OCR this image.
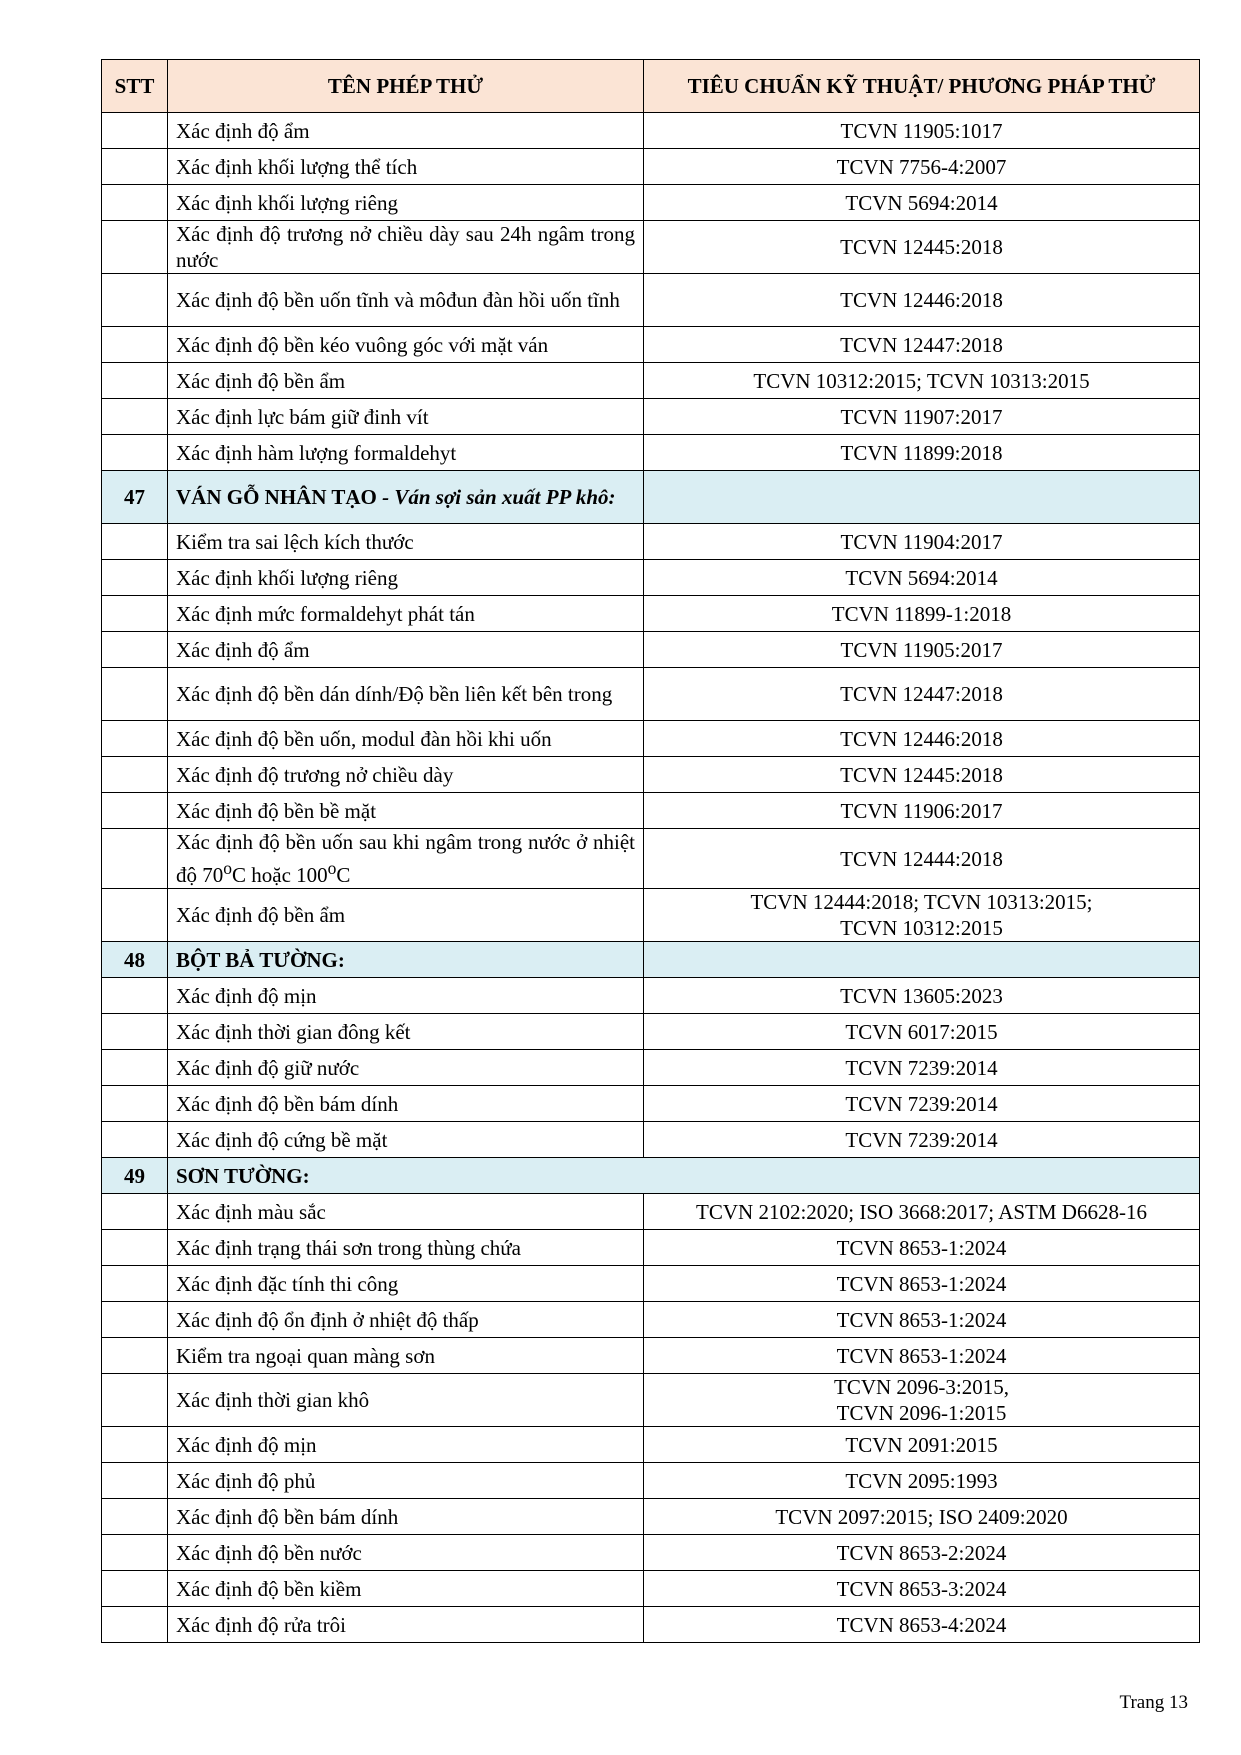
STT	TÊN PHÉP THỬ	TIÊU CHUẨN KỸ THUẬT/ PHƯƠNG PHÁP THỬ
	Xác định độ ẩm	TCVN 11905:1017
	Xác định khối lượng thể tích	TCVN 7756-4:2007
	Xác định khối lượng riêng	TCVN 5694:2014
	Xác định độ trương nở chiều dày sau 24h ngâm trong nước	TCVN 12445:2018
	Xác định độ bền uốn tĩnh và môđun đàn hồi uốn tĩnh	TCVN 12446:2018
	Xác định độ bền kéo vuông góc với mặt ván	TCVN 12447:2018
	Xác định độ bền ẩm	TCVN 10312:2015; TCVN 10313:2015
	Xác định lực bám giữ đinh vít	TCVN 11907:2017
	Xác định hàm lượng formaldehyt	TCVN 11899:2018
47	VÁN GỖ NHÂN TẠO - Ván sợi sản xuất PP khô:	
	Kiểm tra sai lệch kích thước	TCVN 11904:2017
	Xác định khối lượng riêng	TCVN 5694:2014
	Xác định mức formaldehyt phát tán	TCVN 11899-1:2018
	Xác định độ ẩm	TCVN 11905:2017
	Xác định độ bền dán dính/Độ bền liên kết bên trong	TCVN 12447:2018
	Xác định độ bền uốn, modul đàn hồi khi uốn	TCVN 12446:2018
	Xác định độ trương nở chiều dày	TCVN 12445:2018
	Xác định độ bền bề mặt	TCVN 11906:2017
	Xác định độ bền uốn sau khi ngâm trong nước ở nhiệt độ 70$^o$C hoặc 100$^o$C	TCVN 12444:2018
	Xác định độ bền ẩm	TCVN 12444:2018; TCVN 10313:2015;
TCVN 10312:2015
48	BỘT BẢ TƯỜNG:	
	Xác định độ mịn	TCVN 13605:2023
	Xác định thời gian đông kết	TCVN 6017:2015
	Xác định độ giữ nước	TCVN 7239:2014
	Xác định độ bền bám dính	TCVN 7239:2014
	Xác định độ cứng bề mặt	TCVN 7239:2014
49	SƠN TƯỜNG:	
	Xác định màu sắc	TCVN 2102:2020; ISO 3668:2017; ASTM D6628-16
	Xác định trạng thái sơn trong thùng chứa	TCVN 8653-1:2024
	Xác định đặc tính thi công	TCVN 8653-1:2024
	Xác định độ ổn định ở nhiệt độ thấp	TCVN 8653-1:2024
	Kiểm tra ngoại quan màng sơn	TCVN 8653-1:2024
	Xác định thời gian khô	TCVN 2096-3:2015,
TCVN 2096-1:2015
	Xác định độ mịn	TCVN 2091:2015
	Xác định độ phủ	TCVN 2095:1993
	Xác định độ bền bám dính	TCVN 2097:2015; ISO 2409:2020
	Xác định độ bền nước	TCVN 8653-2:2024
	Xác định độ bền kiềm	TCVN 8653-3:2024
	Xác định độ rửa trôi	TCVN 8653-4:2024
Trang 13
